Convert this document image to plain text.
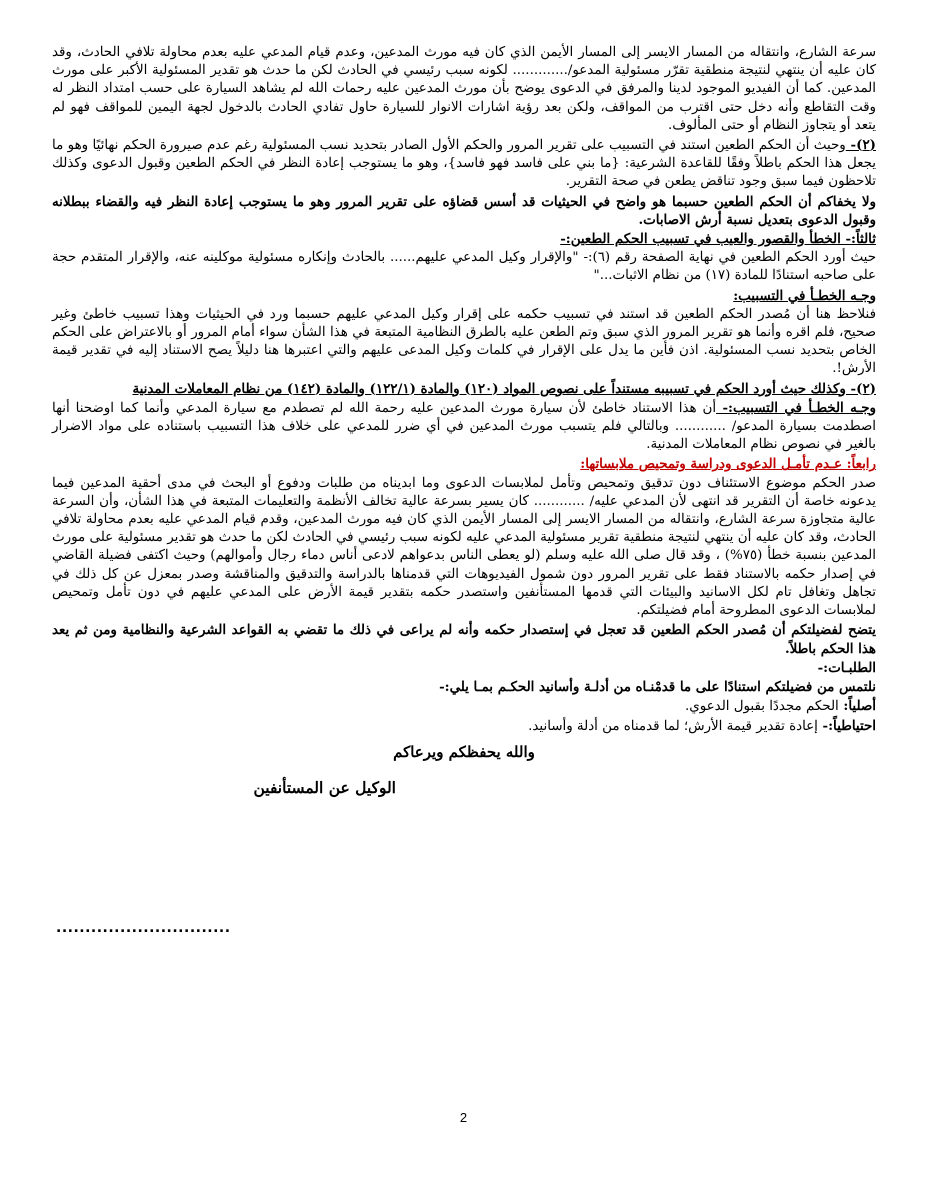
سرعة الشارع، وانتقاله من المسار الايسر إلى المسار الأيمن الذي كان فيه مورث المدعين، وعدم قيام المدعي عليه بعدم محاولة تلافي الحادث، وقد كان عليه أن ينتهي لنتيجة منطقية تقرّر مسئولية المدعو/............. لكونه سبب رئيسي في الحادث لكن ما حدث هو تقدير المسئولية الأكبر على مورث المدعين. كما أن الفيديو الموجود لدينا والمرفق في الدعوى يوضح بأن مورث المدعين عليه رحمات الله لم يشاهد السيارة على حسب امتداد النظر له وقت التقاطع وأنه دخل حتى اقترب من المواقف، ولكن بعد رؤية اشارات الانوار للسيارة حاول تفادي الحادث بالدخول لجهة اليمين للمواقف فهو لم يتعد أو يتجاوز النظام أو حتى المألوف.

(٢)- وحيث أن الحكم الطعين استند في التسبيب على تقرير المرور والحكم الأول الصادر بتحديد نسب المسئولية رغم عدم صيرورة الحكم نهائيًا وهو ما يجعل هذا الحكم باطلاً وفقًا للقاعدة الشرعية: {ما بني على فاسد فهو فاسد}، وهو ما يستوجب إعادة النظر في الحكم الطعين وقبول الدعوى وكذلك تلاحظون فيما سبق وجود تناقض يطعن في صحة التقرير.

ولا يخفاكم أن الحكم الطعين حسبما هو واضح في الحيثيات قد أسس قضاؤه على تقرير المرور وهو ما يستوجب إعادة النظر فيه والقضاء ببطلانه وقبول الدعوى بتعديل نسبة أرش الاصابات.

ثالثاً:- الخطأ والقصور والعيب في تسبيب الحكم الطعين:-

حيث أورد الحكم الطعين في نهاية الصفحة رقم (٦):- "والإقرار وكيل المدعي عليهم...... بالحادث وإنكاره مسئولية موكلينه عنه، والإقرار المتقدم حجة على صاحبه استنادًا للمادة (١٧) من نظام الاثبات..."

وجـه الخطـأ في التسبيب:

فنلاحظ هنا أن مُصدر الحكم الطعين قد استند في تسبيب حكمه على إقرار وكيل المدعي عليهم حسبما ورد في الحيثيات وهذا تسبيب خاطئ وغير صحيح، فلم اقره وأنما هو تقرير المرور الذي سبق وتم الطعن عليه بالطرق النظامية المتبعة في هذا الشأن سواء أمام المرور أو بالاعتراض على الحكم الخاص بتحديد نسب المسئولية. اذن فأين ما يدل على الإقرار في كلمات وكيل المدعى عليهم والتي اعتبرها هنا دليلاً يصح الاستناد إليه في تقدير قيمة الأرش!.

(٢)- وكذلك حيث أورد الحكم في تسبيبه مستنداً على نصوص المواد (١٢٠) والمادة (١٢٢/١) والمادة (١٤٢) من نظام المعاملات المدنية

وجـه الخطـأ في التسبيب:- أن هذا الاستناد خاطئ لأن سيارة مورث المدعين عليه رحمة الله لم تصطدم مع سيارة المدعي وأنما كما اوضحنا أنها اصطدمت بسيارة المدعو/ ............ وبالتالي فلم يتسبب مورث المدعين في أي ضرر للمدعي على خلاف هذا التسبيب باستناده على مواد الاضرار بالغير في نصوص نظام المعاملات المدنية.

رابعاً: عـدم تأمـل الدعوى ودراسة وتمحيص ملابساتها:

صدر الحكم موضوع الاستئناف دون تدقيق وتمحيص وتأمل لملابسات الدعوى وما ابديناه من طلبات ودفوع أو البحث في مدى أحقية المدعين فيما يدعونه خاصة أن التقرير قد انتهى لأن المدعي عليه/ ............ كان يسير بسرعة عالية تخالف الأنظمة والتعليمات المتبعة في هذا الشأن، وأن السرعة عالية متجاوزة سرعة الشارع، وانتقاله من المسار الايسر إلى المسار الأيمن الذي كان فيه مورث المدعين، وقدم قيام المدعي عليه بعدم محاولة تلافي الحادث، وقد كان عليه أن ينتهي لنتيجة منطقية تقرير مسئولية المدعي عليه لكونه سبب رئيسي في الحادث لكن ما حدث هو تقدير مسئولية على مورث المدعين بنسبة خطأ (٧٥%) ، وقد قال صلى الله عليه وسلم (لو يعطى الناس بدعواهم لادعى أناس دماء رجال وأموالهم) وحيث اكتفى فضيلة القاضي في إصدار حكمه بالاستناد فقط على تقرير المرور دون شمول الفيديوهات التي قدمناها بالدراسة والتدقيق والمناقشة وصدر بمعزل عن كل ذلك في تجاهل وتغافل تام لكل الاسانيد والبيئات التي قدمها المستأنفين واستصدر حكمه بتقدير قيمة الأرض على المدعي عليهم في دون تأمل وتمحيص لملابسات الدعوى المطروحة أمام فضيلتكم.

يتضح لفضيلتكم أن مُصدر الحكم الطعين قد تعجل في إستصدار حكمه وأنه لم يراعى في ذلك ما تقضي به القواعد الشرعية والنظامية ومن ثم يعد هذا الحكم باطلاً.

الطلبـات:-

نلتمس من فضيلتكم استنادًا على ما قدمْنـاه من أدلـة وأسانيد الحكـم بمـا يلي:-

أصلياً: الحكم مجددًا بقبول الدعوي.

احتياطياً:- إعادة تقدير قيمة الأرش؛ لما قدمناه من أدلة وأسانيد.

والله يحفظكم ويرعاكم

الوكيل عن المستأنفين

..............................
2
